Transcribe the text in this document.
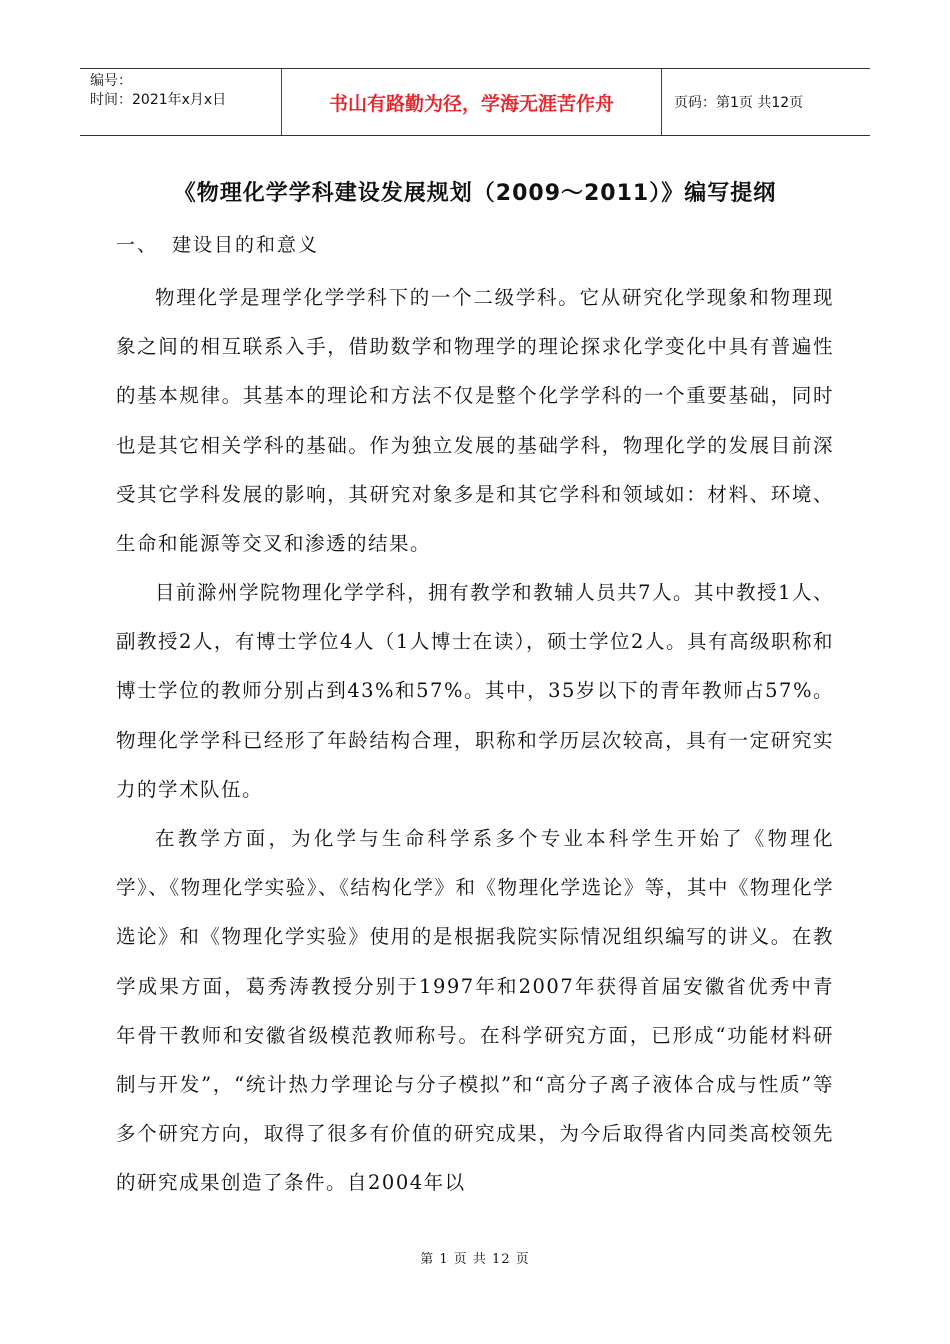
编号：
时间：2021年x月x日	书山有路勤为径，学海无涯苦作舟	页码：第1页 共12页
《物理化学学科建设发展规划（2009～2011）》编写提纲
一、 建设目的和意义

物理化学是理学化学学科下的一个二级学科。它从研究化学现象和物理现象之间的相互联系入手，借助数学和物理学的理论探求化学变化中具有普遍性的基本规律。其基本的理论和方法不仅是整个化学学科的一个重要基础，同时也是其它相关学科的基础。作为独立发展的基础学科，物理化学的发展目前深受其它学科发展的影响，其研究对象多是和其它学科和领域如：材料、环境、生命和能源等交叉和渗透的结果。

目前滁州学院物理化学学科，拥有教学和教辅人员共7人。其中教授1人、副教授2人，有博士学位4人（1人博士在读），硕士学位2人。具有高级职称和博士学位的教师分别占到43%和57%。其中，35岁以下的青年教师占57%。物理化学学科已经形了年龄结构合理，职称和学历层次较高，具有一定研究实力的学术队伍。

在教学方面，为化学与生命科学系多个专业本科学生开始了《物理化学》、《物理化学实验》、《结构化学》和《物理化学选论》等，其中《物理化学选论》和《物理化学实验》使用的是根据我院实际情况组织编写的讲义。在教学成果方面，葛秀涛教授分别于1997年和2007年获得首届安徽省优秀中青年骨干教师和安徽省级模范教师称号。在科学研究方面，已形成“功能材料研制与开发”，“统计热力学理论与分子模拟”和“高分子离子液体合成与性质”等多个研究方向，取得了很多有价值的研究成果，为今后取得省内同类高校领先的研究成果创造了条件。自2004年以

第 1 页 共 12 页
